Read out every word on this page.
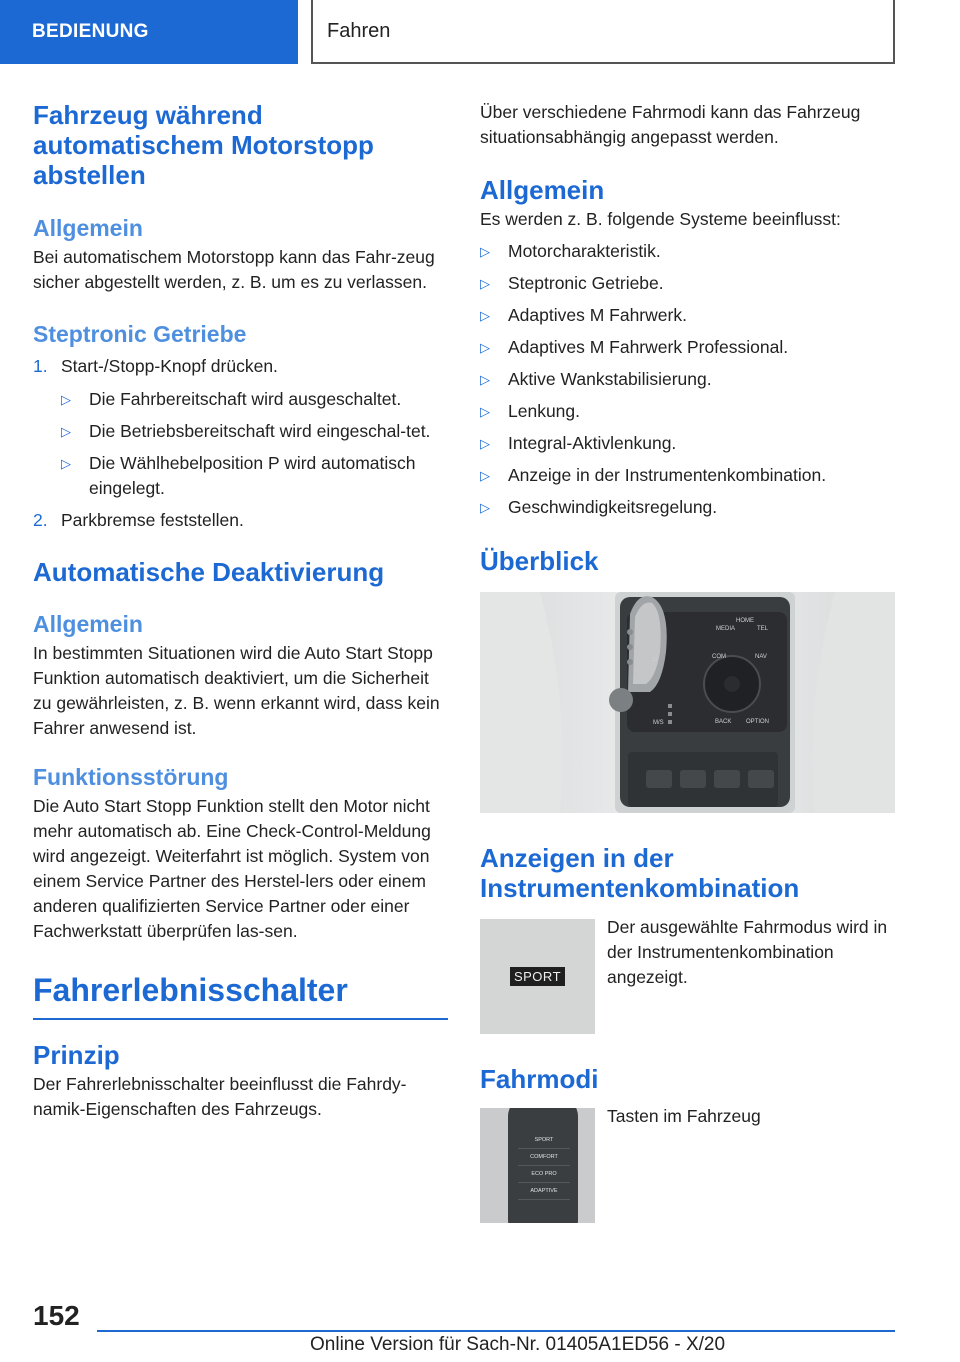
BEDIENUNG	Fahren
Fahrzeug während automatischem Motorstopp abstellen
Allgemein
Bei automatischem Motorstopp kann das Fahr-zeug sicher abgestellt werden, z. B. um es zu verlassen.
Steptronic Getriebe
1. Start-/Stopp-Knopf drücken.
▷	Die Fahrbereitschaft wird ausgeschaltet.
▷	Die Betriebsbereitschaft wird eingeschal-tet.
▷	Die Wählhebelposition P wird automatisch eingelegt.
2. Parkbremse feststellen.
Automatische Deaktivierung
Allgemein
In bestimmten Situationen wird die Auto Start Stopp Funktion automatisch deaktiviert, um die Sicherheit zu gewährleisten, z. B. wenn erkannt wird, dass kein Fahrer anwesend ist.
Funktionsstörung
Die Auto Start Stopp Funktion stellt den Motor nicht mehr automatisch ab. Eine Check-Control-Meldung wird angezeigt. Weiterfahrt ist möglich. System von einem Service Partner des Herstel-lers oder einem anderen qualifizierten Service Partner oder einer Fachwerkstatt überprüfen las-sen.
Fahrerlebnisschalter
Prinzip
Der Fahrerlebnisschalter beeinflusst die Fahrdy-namik-Eigenschaften des Fahrzeugs.
Über verschiedene Fahrmodi kann das Fahrzeug situationsabhängig angepasst werden.
Allgemein
Es werden z. B. folgende Systeme beeinflusst:
▷	Motorcharakteristik.
▷	Steptronic Getriebe.
▷	Adaptives M Fahrwerk.
▷	Adaptives M Fahrwerk Professional.
▷	Aktive Wankstabilisierung.
▷	Lenkung.
▷	Integral-Aktivlenkung.
▷	Anzeige in der Instrumentenkombination.
▷	Geschwindigkeitsregelung.
Überblick
MEDIA
HOME
TEL
COM	NAV
BACK OPTION
P
M/S
Anzeigen in der Instrumentenkombination
SPORT
Der ausgewählte Fahrmodus wird in der Instrumentenkombination angezeigt.
Fahrmodi
SPORT
COMFORT
ECO PRO
ADAPTIVE
Tasten im Fahrzeug
152
Online Version für Sach-Nr. 01405A1ED56 - X/20
